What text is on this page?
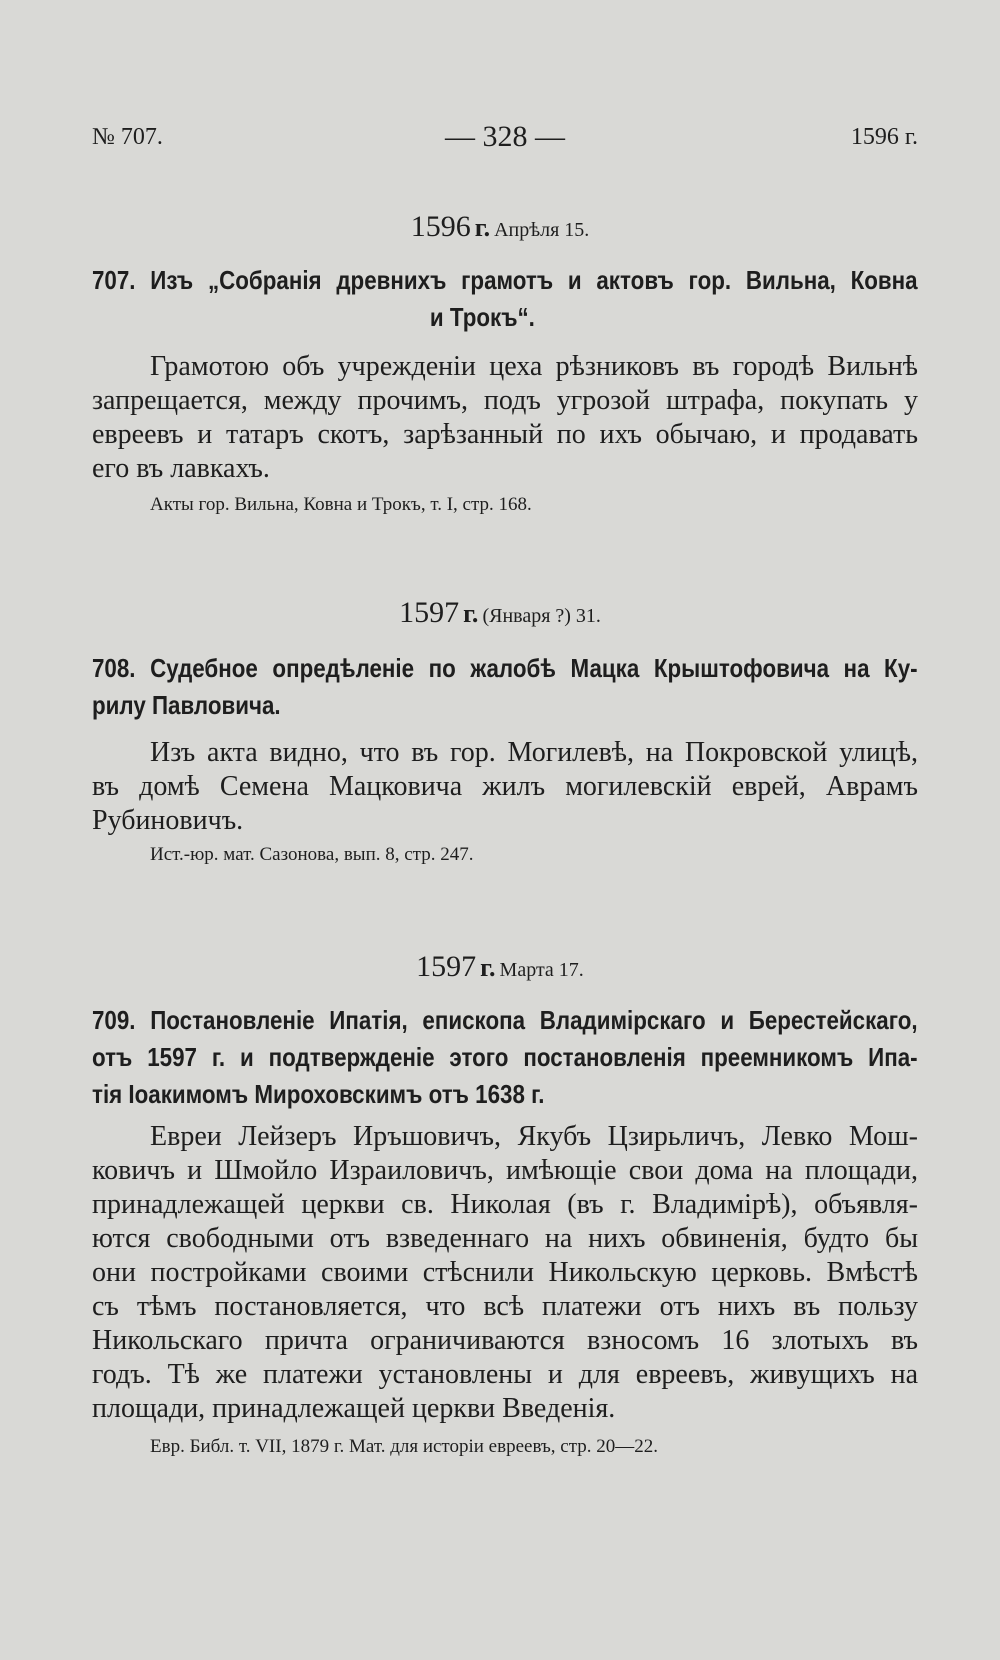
№ 707.	— 328 —	1596 г.
1596 г. Апрѣля 15.
707. Изъ „Собранія древнихъ грамотъ и актовъ гор. Вильна, Ковна
и Трокъ“.
Грамотою объ учрежденіи цеха рѣзниковъ въ городѣ Вильнѣ
запрещается, между прочимъ, подъ угрозой штрафа, покупать у
евреевъ и татаръ скотъ, зарѣзанный по ихъ обычаю, и продавать
его въ лавкахъ.
Акты гор. Вильна, Ковна и Трокъ, т. I, стр. 168.
1597 г. (Января ?) 31.
708. Судебное опредѣленіе по жалобѣ Мацка Крыштофовича на Ку-
рилу Павловича.
Изъ акта видно, что въ гор. Могилевѣ, на Покровской улицѣ,
въ домѣ Семена Мацковича жилъ могилевскій еврей, Аврамъ
Рубиновичъ.
Ист.-юр. мат. Сазонова, вып. 8, стр. 247.
1597 г. Марта 17.
709. Постановленіе Ипатія, епископа Владимірскаго и Берестейскаго,
отъ 1597 г. и подтвержденіе этого постановленія преемникомъ Ипа-
тія Іоакимомъ Мироховскимъ отъ 1638 г.
Евреи Лейзеръ Иръшовичъ, Якубъ Цзирьличъ, Левко Мош-
ковичъ и Шмойло Израиловичъ, имѣющіе свои дома на площади,
принадлежащей церкви св. Николая (въ г. Владимірѣ), объявля-
ются свободными отъ взведеннаго на нихъ обвиненія, будто бы
они постройками своими стѣснили Никольскую церковь. Вмѣстѣ
съ тѣмъ постановляется, что всѣ платежи отъ нихъ въ пользу
Никольскаго причта ограничиваются взносомъ 16 злотыхъ въ
годъ. Тѣ же платежи установлены и для евреевъ, живущихъ на
площади, принадлежащей церкви Введенія.
Евр. Библ. т. VII, 1879 г. Мат. для исторіи евреевъ, стр. 20—22.
